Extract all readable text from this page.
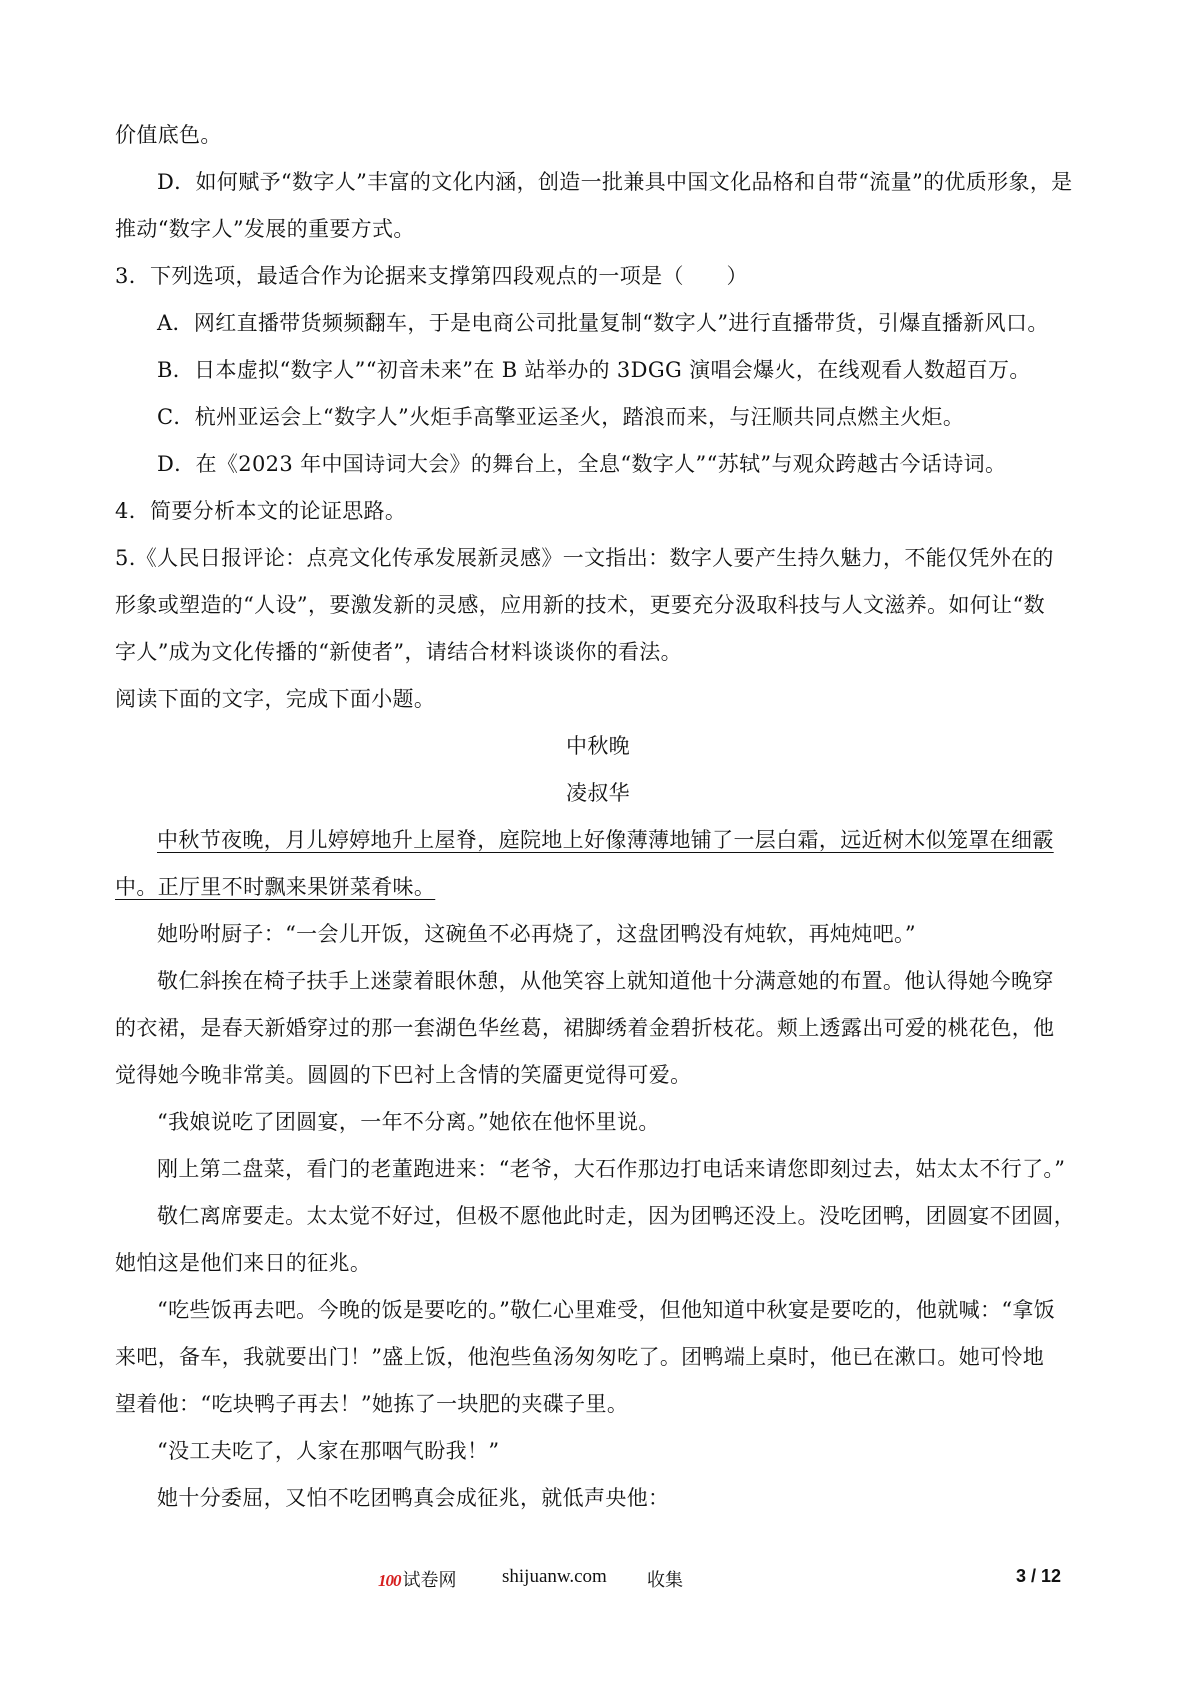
价值底色。
D．如何赋予“数字人”丰富的文化内涵，创造一批兼具中国文化品格和自带“流量”的优质形象，是
推动“数字人”发展的重要方式。
3．下列选项，最适合作为论据来支撑第四段观点的一项是（　　）
A．网红直播带货频频翻车，于是电商公司批量复制“数字人”进行直播带货，引爆直播新风口。
B．日本虚拟“数字人”“初音未来”在 B 站举办的 3DGG 演唱会爆火，在线观看人数超百万。
C．杭州亚运会上“数字人”火炬手高擎亚运圣火，踏浪而来，与汪顺共同点燃主火炬。
D．在《2023 年中国诗词大会》的舞台上，全息“数字人”“苏轼”与观众跨越古今话诗词。
4．简要分析本文的论证思路。
5.《人民日报评论：点亮文化传承发展新灵感》一文指出：数字人要产生持久魅力，不能仅凭外在的
形象或塑造的“人设”，要激发新的灵感，应用新的技术，更要充分汲取科技与人文滋养。如何让“数
字人”成为文化传播的“新使者”，请结合材料谈谈你的看法。
阅读下面的文字，完成下面小题。
中秋晚
凌叔华
中秋节夜晚，月儿婷婷地升上屋脊，庭院地上好像薄薄地铺了一层白霜，远近树木似笼罩在细霰
中。正厅里不时飘来果饼菜肴味。
她吩咐厨子：“一会儿开饭，这碗鱼不必再烧了，这盘团鸭没有炖软，再炖炖吧。”
敬仁斜挨在椅子扶手上迷蒙着眼休憩，从他笑容上就知道他十分满意她的布置。他认得她今晚穿
的衣裙，是春天新婚穿过的那一套湖色华丝葛，裙脚绣着金碧折枝花。颊上透露出可爱的桃花色，他
觉得她今晚非常美。圆圆的下巴衬上含情的笑靥更觉得可爱。
“我娘说吃了团圆宴，一年不分离。”她依在他怀里说。
刚上第二盘菜，看门的老董跑进来：“老爷，大石作那边打电话来请您即刻过去，姑太太不行了。”
敬仁离席要走。太太觉不好过，但极不愿他此时走，因为团鸭还没上。没吃团鸭，团圆宴不团圆，
她怕这是他们来日的征兆。
“吃些饭再去吧。今晚的饭是要吃的。”敬仁心里难受，但他知道中秋宴是要吃的，他就喊：“拿饭
来吧，备车，我就要出门！”盛上饭，他泡些鱼汤匆匆吃了。团鸭端上桌时，他已在漱口。她可怜地
望着他：“吃块鸭子再去！”她拣了一块肥的夹碟子里。
“没工夫吃了，人家在那咽气盼我！”
她十分委屈，又怕不吃团鸭真会成征兆，就低声央他：
100 试卷网 shijuanw.com 收集	3 / 12
